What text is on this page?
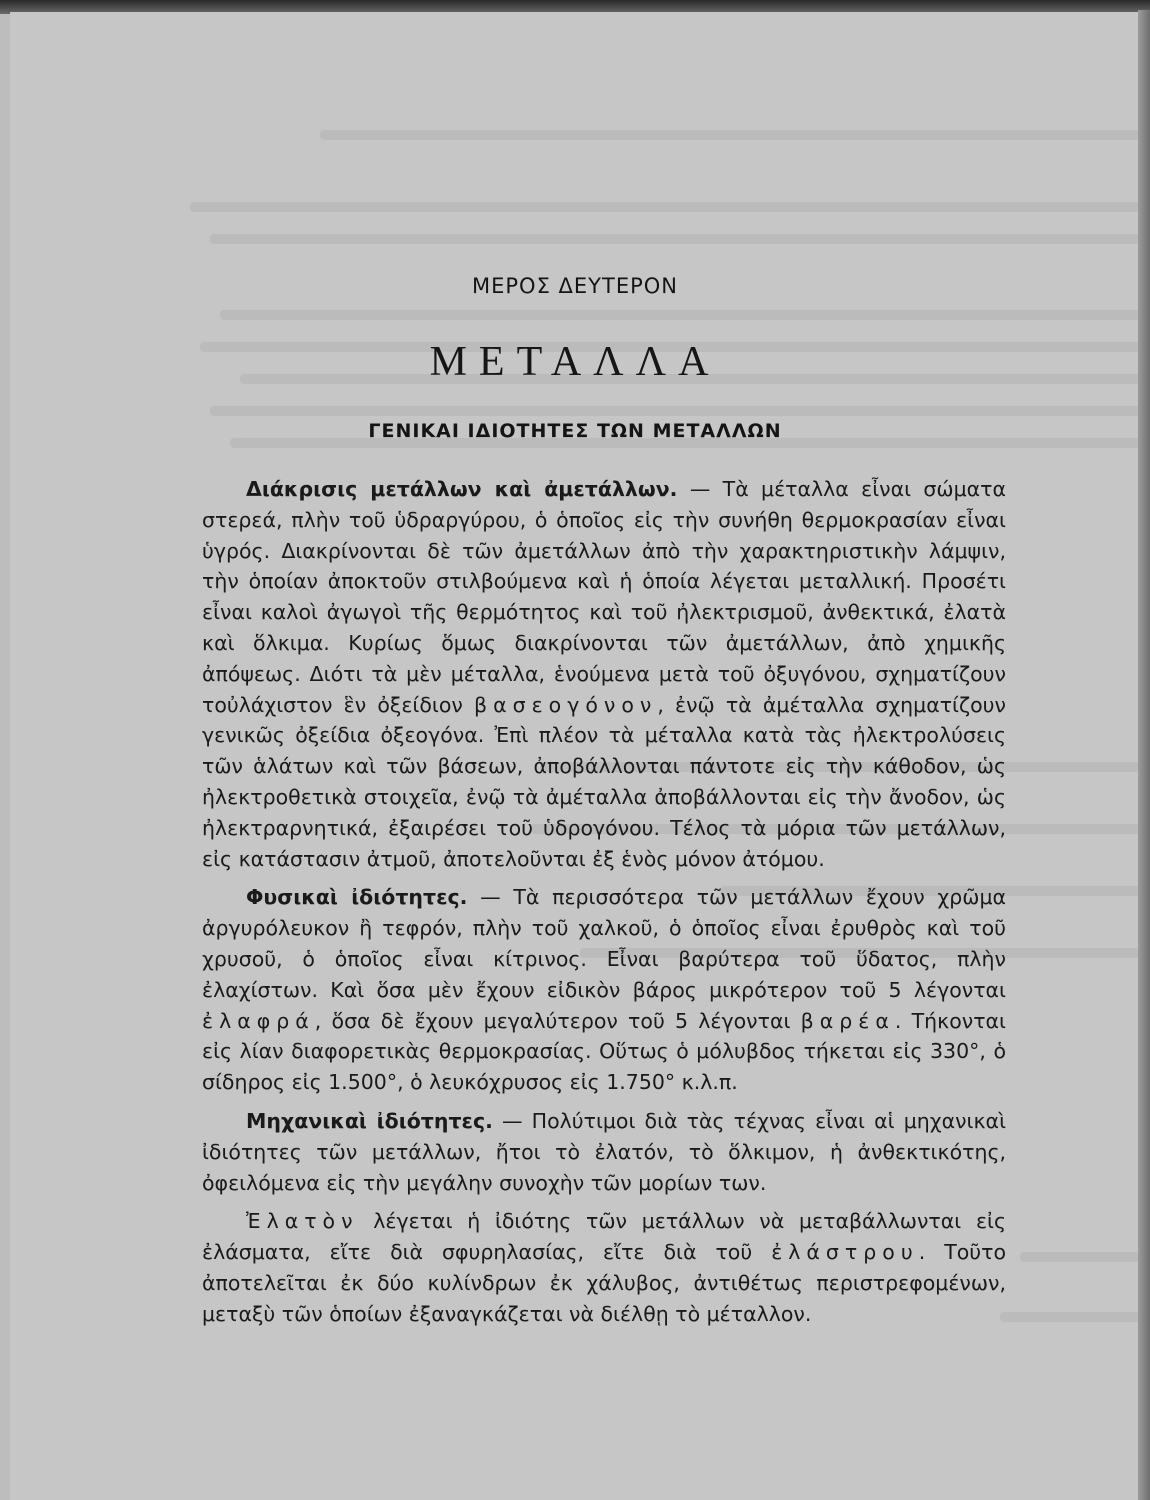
ΜΕΡΟΣ ΔΕΥΤΕΡΟΝ
ΜΕΤΑΛΛΑ
ΓΕΝΙΚΑΙ ΙΔΙΟΤΗΤΕΣ ΤΩΝ ΜΕΤΑΛΛΩΝ

Διάκρισις μετάλλων καὶ ἀμετάλλων. — Τὰ μέταλλα εἶναι σώματα στερεά, πλὴν τοῦ ὑδραργύρου, ὁ ὁποῖος εἰς τὴν συνήθη θερμοκρασίαν εἶναι ὑγρός. Διακρίνονται δὲ τῶν ἀμετάλλων ἀπὸ τὴν χαρακτηριστικὴν λάμψιν, τὴν ὁποίαν ἀποκτοῦν στιλβούμενα καὶ ἡ ὁποία λέγεται μεταλλική. Προσέτι εἶναι καλοὶ ἀγωγοὶ τῆς θερμότητος καὶ τοῦ ἠλεκτρισμοῦ, ἀνθεκτικά, ἐλατὰ καὶ ὅλκιμα. Κυρίως ὅμως διακρίνονται τῶν ἀμετάλλων, ἀπὸ χημικῆς ἀπόψεως. Διότι τὰ μὲν μέταλλα, ἑνούμενα μετὰ τοῦ ὀξυγόνου, σχηματίζουν τοὐλάχιστον ἓν ὀξείδιον βασεογόνον, ἐνῷ τὰ ἀμέταλλα σχηματίζουν γενικῶς ὀξείδια ὀξεογόνα. Ἐπὶ πλέον τὰ μέταλλα κατὰ τὰς ἠλεκτρολύσεις τῶν ἁλάτων καὶ τῶν βάσεων, ἀποβάλλονται πάντοτε εἰς τὴν κάθοδον, ὡς ἠλεκτροθετικὰ στοιχεῖα, ἐνῷ τὰ ἀμέταλλα ἀποβάλλονται εἰς τὴν ἄνοδον, ὡς ἠλεκτραρνητικά, ἐξαιρέσει τοῦ ὑδρογόνου. Τέλος τὰ μόρια τῶν μετάλλων, εἰς κατάστασιν ἀτμοῦ, ἀποτελοῦνται ἐξ ἑνὸς μόνον ἀτόμου.

Φυσικαὶ ἰδιότητες. — Τὰ περισσότερα τῶν μετάλλων ἔχουν χρῶμα ἀργυρόλευκον ἢ τεφρόν, πλὴν τοῦ χαλκοῦ, ὁ ὁποῖος εἶναι ἐρυθρὸς καὶ τοῦ χρυσοῦ, ὁ ὁποῖος εἶναι κίτρινος. Εἶναι βαρύτερα τοῦ ὕδατος, πλὴν ἐλαχίστων. Καὶ ὅσα μὲν ἔχουν εἰδικὸν βάρος μικρότερον τοῦ 5 λέγονται ἐλαφρά, ὅσα δὲ ἔχουν μεγαλύτερον τοῦ 5 λέγονται βαρέα. Τήκονται εἰς λίαν διαφορετικὰς θερμοκρασίας. Οὕτως ὁ μόλυβδος τήκεται εἰς 330°, ὁ σίδηρος εἰς 1.500°, ὁ λευκόχρυσος εἰς 1.750° κ.λ.π.

Μηχανικαὶ ἰδιότητες. — Πολύτιμοι διὰ τὰς τέχνας εἶναι αἱ μηχανικαὶ ἰδιότητες τῶν μετάλλων, ἤτοι τὸ ἐλατόν, τὸ ὅλκιμον, ἡ ἀνθεκτικότης, ὀφειλόμενα εἰς τὴν μεγάλην συνοχὴν τῶν μορίων των.

Ἐλατὸν λέγεται ἡ ἰδιότης τῶν μετάλλων νὰ μεταβάλλωνται εἰς ἐλάσματα, εἴτε διὰ σφυρηλασίας, εἴτε διὰ τοῦ ἐλάστρου. Τοῦτο ἀποτελεῖται ἐκ δύο κυλίνδρων ἐκ χάλυβος, ἀντιθέτως περιστρεφομένων, μεταξὺ τῶν ὁποίων ἐξαναγκάζεται νὰ διέλθῃ τὸ μέταλλον.
